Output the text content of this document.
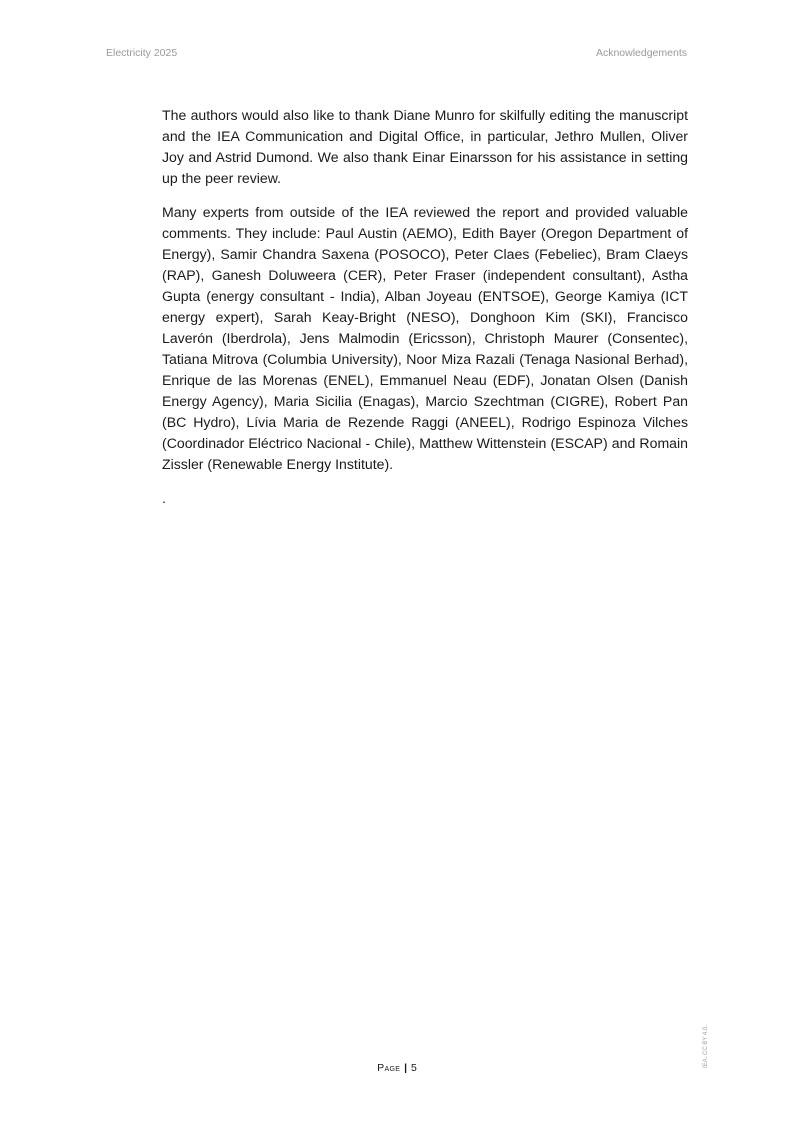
Electricity 2025	Acknowledgements

The authors would also like to thank Diane Munro for skilfully editing the manuscript and the IEA Communication and Digital Office, in particular, Jethro Mullen, Oliver Joy and Astrid Dumond. We also thank Einar Einarsson for his assistance in setting up the peer review.

Many experts from outside of the IEA reviewed the report and provided valuable comments. They include: Paul Austin (AEMO), Edith Bayer (Oregon Department of Energy), Samir Chandra Saxena (POSOCO), Peter Claes (Febeliec), Bram Claeys (RAP), Ganesh Doluweera (CER), Peter Fraser (independent consultant), Astha Gupta (energy consultant - India), Alban Joyeau (ENTSOE), George Kamiya (ICT energy expert), Sarah Keay-Bright (NESO), Donghoon Kim (SKI), Francisco Laverón (Iberdrola), Jens Malmodin (Ericsson), Christoph Maurer (Consentec), Tatiana Mitrova (Columbia University), Noor Miza Razali (Tenaga Nasional Berhad), Enrique de las Morenas (ENEL), Emmanuel Neau (EDF), Jonatan Olsen (Danish Energy Agency), Maria Sicilia (Enagas), Marcio Szechtman (CIGRE), Robert Pan (BC Hydro), Lívia Maria de Rezende Raggi (ANEEL), Rodrigo Espinoza Vilches (Coordinador Eléctrico Nacional - Chile), Matthew Wittenstein (ESCAP) and Romain Zissler (Renewable Energy Institute).

.
Page | 5	IEA. CC BY 4.0.
